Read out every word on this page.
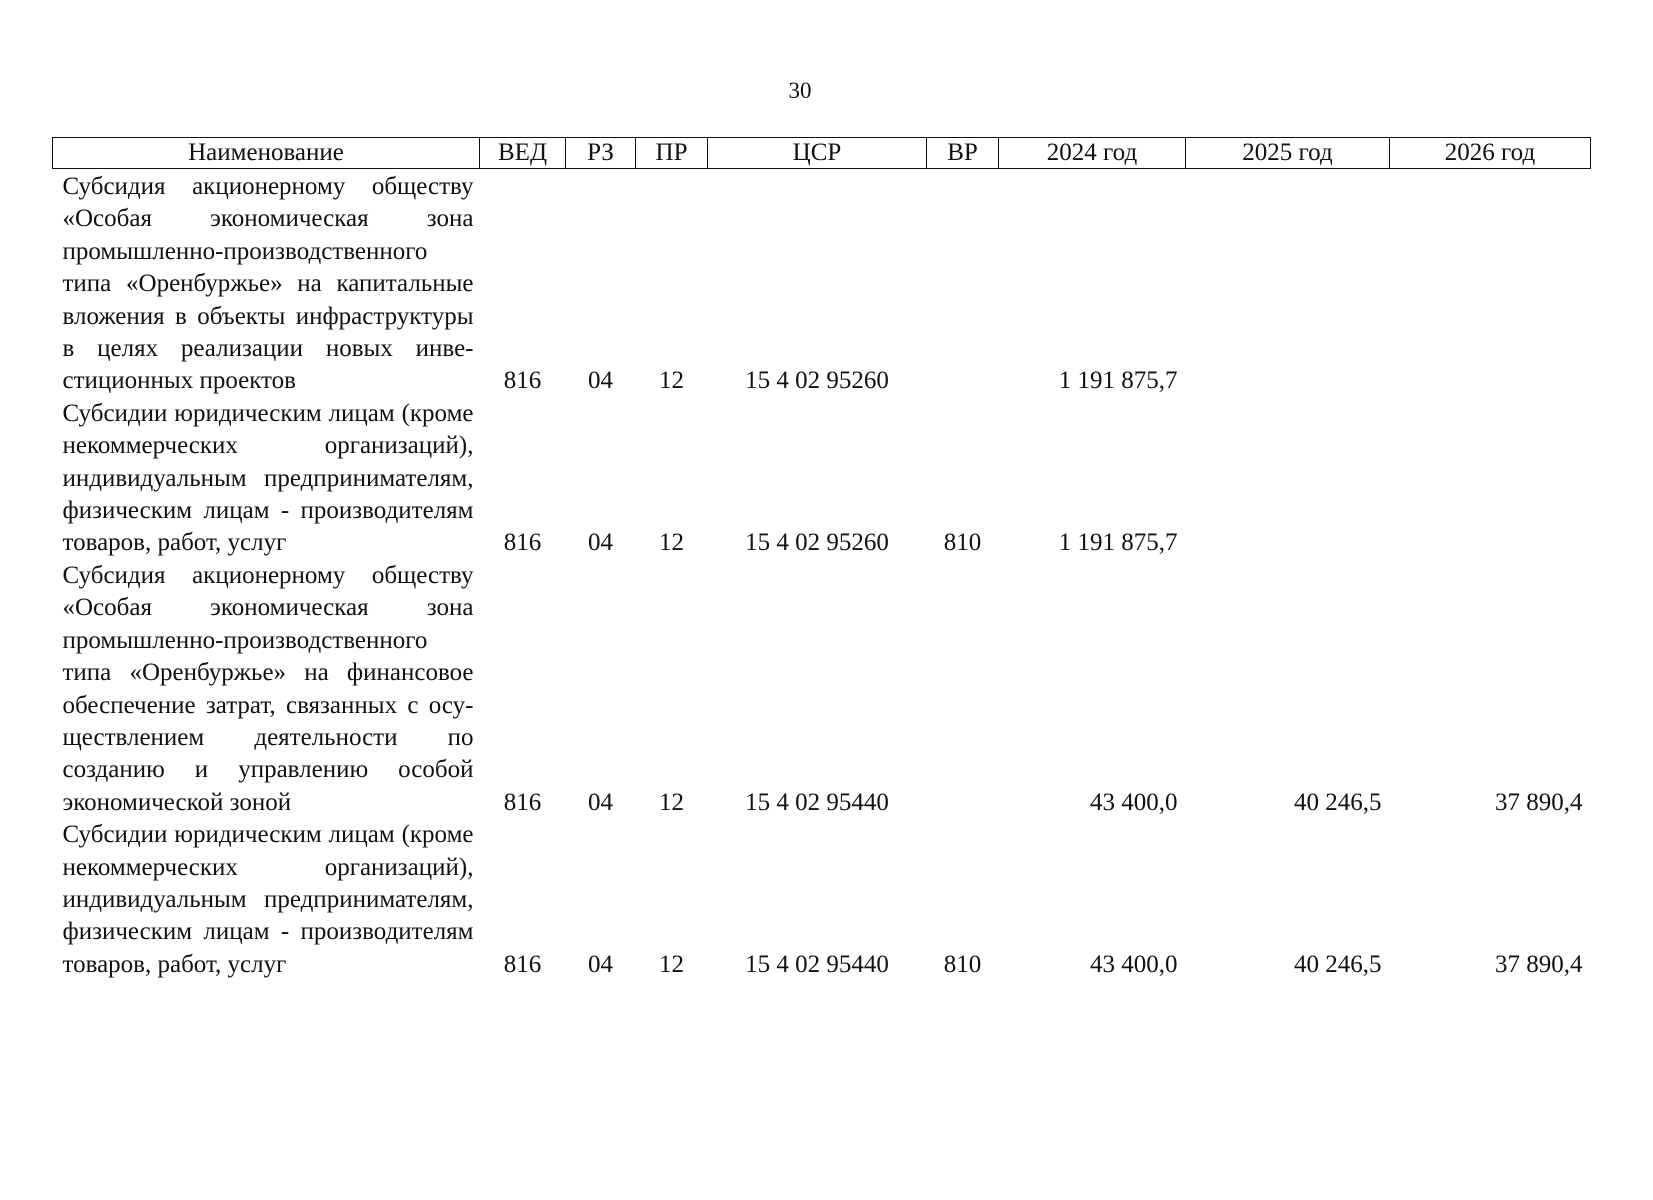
30
Наименование	ВЕД	РЗ	ПР	ЦСР	ВР	2024 год	2025 год	2026 год
Субсидия акционерному обществу «Особая экономическая зона промышленно-производственного типа «Оренбуржье» на капитальные вложения в объекты инфраструктуры в целях реализации новых инвестиционных проектов	816	04	12	15 4 02 95260		1 191 875,7		
Субсидии юридическим лицам (кроме некоммерческих организаций), индивидуальным предпринимателям, физическим лицам - производителям товаров, работ, услуг	816	04	12	15 4 02 95260	810	1 191 875,7		
Субсидия акционерному обществу «Особая экономическая зона промышленно-производственного типа «Оренбуржье» на финансовое обеспечение затрат, связанных с осуществлением деятельности по созданию и управлению особой экономической зоной	816	04	12	15 4 02 95440		43 400,0	40 246,5	37 890,4
Субсидии юридическим лицам (кроме некоммерческих организаций), индивидуальным предпринимателям, физическим лицам - производителям товаров, работ, услуг	816	04	12	15 4 02 95440	810	43 400,0	40 246,5	37 890,4
